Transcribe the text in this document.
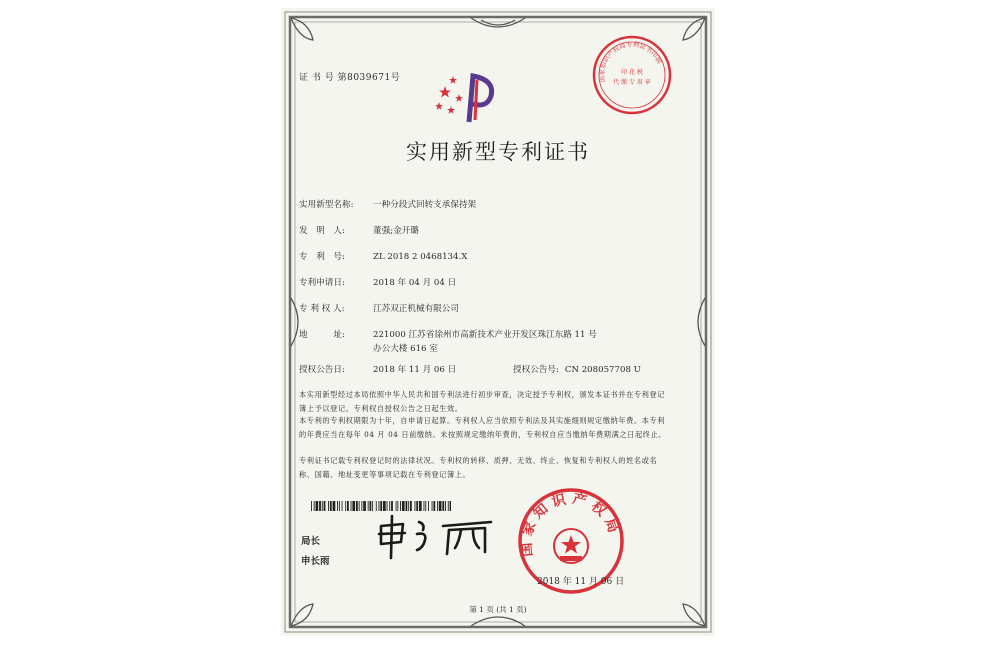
证 书 号 第8039671号	国家知识产权局专利证书印制
印 花 税
代 缴 专 用 章
实用新型专利证书
实用新型名称: 一种分段式回转支承保持架
发　明　人:	董强;金开璐
专　利　号:	ZL 2018 2 0468134.X
专利申请日:	2018 年 04 月 04 日
专 利 权 人:	江苏双正机械有限公司
地　　　址:	221000 江苏省徐州市高新技术产业开发区珠江东路 11 号
办公大楼 616 室
授权公告日:	2018 年 11 月 06 日	授权公告号: CN 208057708 U
本实用新型经过本局依照中华人民共和国专利法进行初步审查，决定授予专利权，颁发本证书并在专利登记簿上予以登记。专利权自授权公告之日起生效。
本专利的专利权期限为十年，自申请日起算。专利权人应当依照专利法及其实施细则规定缴纳年费。本专利的年费应当在每年 04 月 04 日前缴纳。未按照规定缴纳年费的，专利权自应当缴纳年费期满之日起终止。
专利证书记载专利权登记时的法律状况。专利权的转移、质押、无效、终止、恢复和专利权人的姓名或名称、国籍、地址变更等事项记载在专利登记簿上。
局长
申长雨
国家知识产权局
2018 年 11 月 06 日
第 1 页 (共 1 页)
